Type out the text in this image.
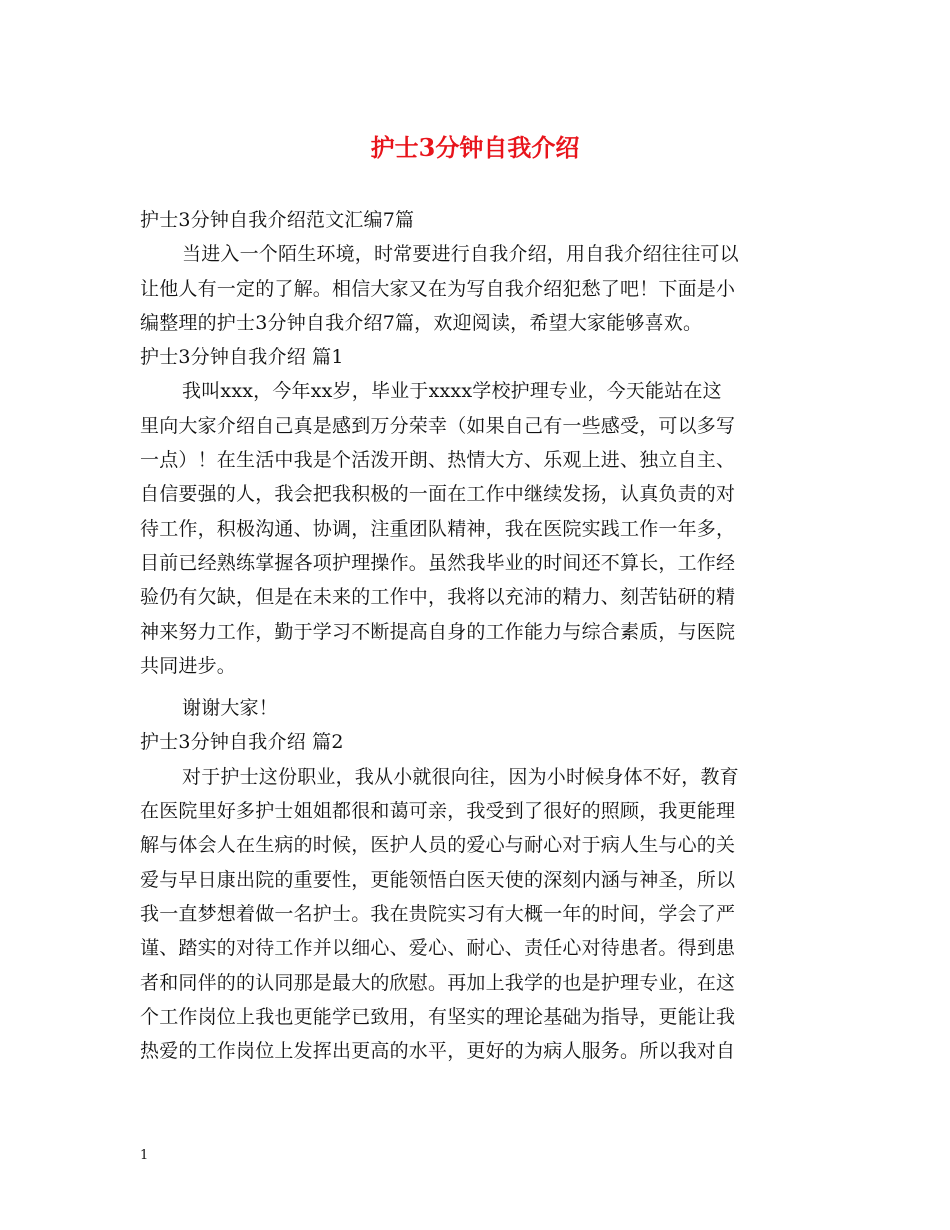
护士3分钟自我介绍
护士3分钟自我介绍范文汇编7篇
当进入一个陌生环境，时常要进行自我介绍，用自我介绍往往可以
让他人有一定的了解。相信大家又在为写自我介绍犯愁了吧！下面是小
编整理的护士3分钟自我介绍7篇，欢迎阅读，希望大家能够喜欢。
护士3分钟自我介绍 篇1
我叫xxx，今年xx岁，毕业于xxxx学校护理专业，今天能站在这
里向大家介绍自己真是感到万分荣幸（如果自己有一些感受，可以多写
一点）！在生活中我是个活泼开朗、热情大方、乐观上进、独立自主、
自信要强的人，我会把我积极的一面在工作中继续发扬，认真负责的对
待工作，积极沟通、协调，注重团队精神，我在医院实践工作一年多，
目前已经熟练掌握各项护理操作。虽然我毕业的时间还不算长，工作经
验仍有欠缺，但是在未来的工作中，我将以充沛的精力、刻苦钻研的精
神来努力工作，勤于学习不断提高自身的工作能力与综合素质，与医院
共同进步。
谢谢大家！
护士3分钟自我介绍 篇2
对于护士这份职业，我从小就很向往，因为小时候身体不好，教育
在医院里好多护士姐姐都很和蔼可亲，我受到了很好的照顾，我更能理
解与体会人在生病的时候，医护人员的爱心与耐心对于病人生与心的关
爱与早日康出院的重要性，更能领悟白医天使的深刻内涵与神圣，所以
我一直梦想着做一名护士。我在贵院实习有大概一年的时间，学会了严
谨、踏实的对待工作并以细心、爱心、耐心、责任心对待患者。得到患
者和同伴的的认同那是最大的欣慰。再加上我学的也是护理专业，在这
个工作岗位上我也更能学已致用，有坚实的理论基础为指导，更能让我
热爱的工作岗位上发挥出更高的水平，更好的为病人服务。所以我对自
1
